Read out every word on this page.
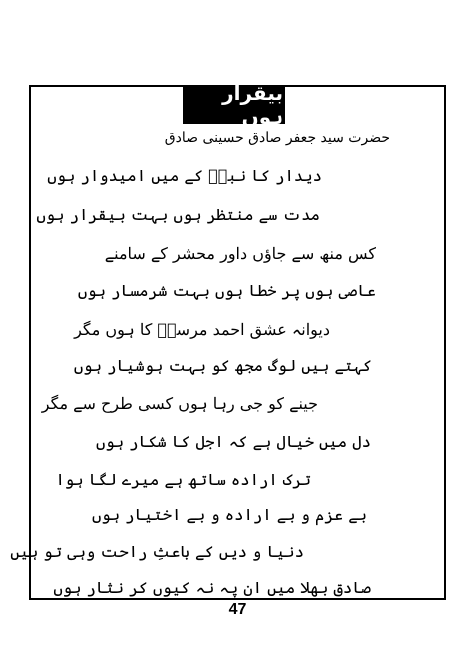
بیقرار ہوں
حضرت سید جعفر صادق حسینی صادق
دیدار کا نبیؐ کے میں امیدوار ہوں
مدت سے منتظر ہوں بہت بیقرار ہوں
کس منھ سے جاؤں داور محشر کے سامنے
عاصی ہوں پر خطا ہوں بہت شرمسار ہوں
دیوانہ عشق احمد مرسلؐ کا ہوں مگر
کہتے ہیں لوگ مجھ کو بہت ہوشیار ہوں
جینے کو جی رہا ہوں کسی طرح سے مگر
دل میں خیال ہے کہ اجل کا شکار ہوں
ترک ارادہ ساتھ ہے میرے لگا ہوا
بے عزم و بے ارادہ و بے اختیار ہوں
دنیا و دیں کے باعثِ راحت وہی تو ہیں
صادق بھلا میں ان پہ نہ کیوں کر نثار ہوں
47
